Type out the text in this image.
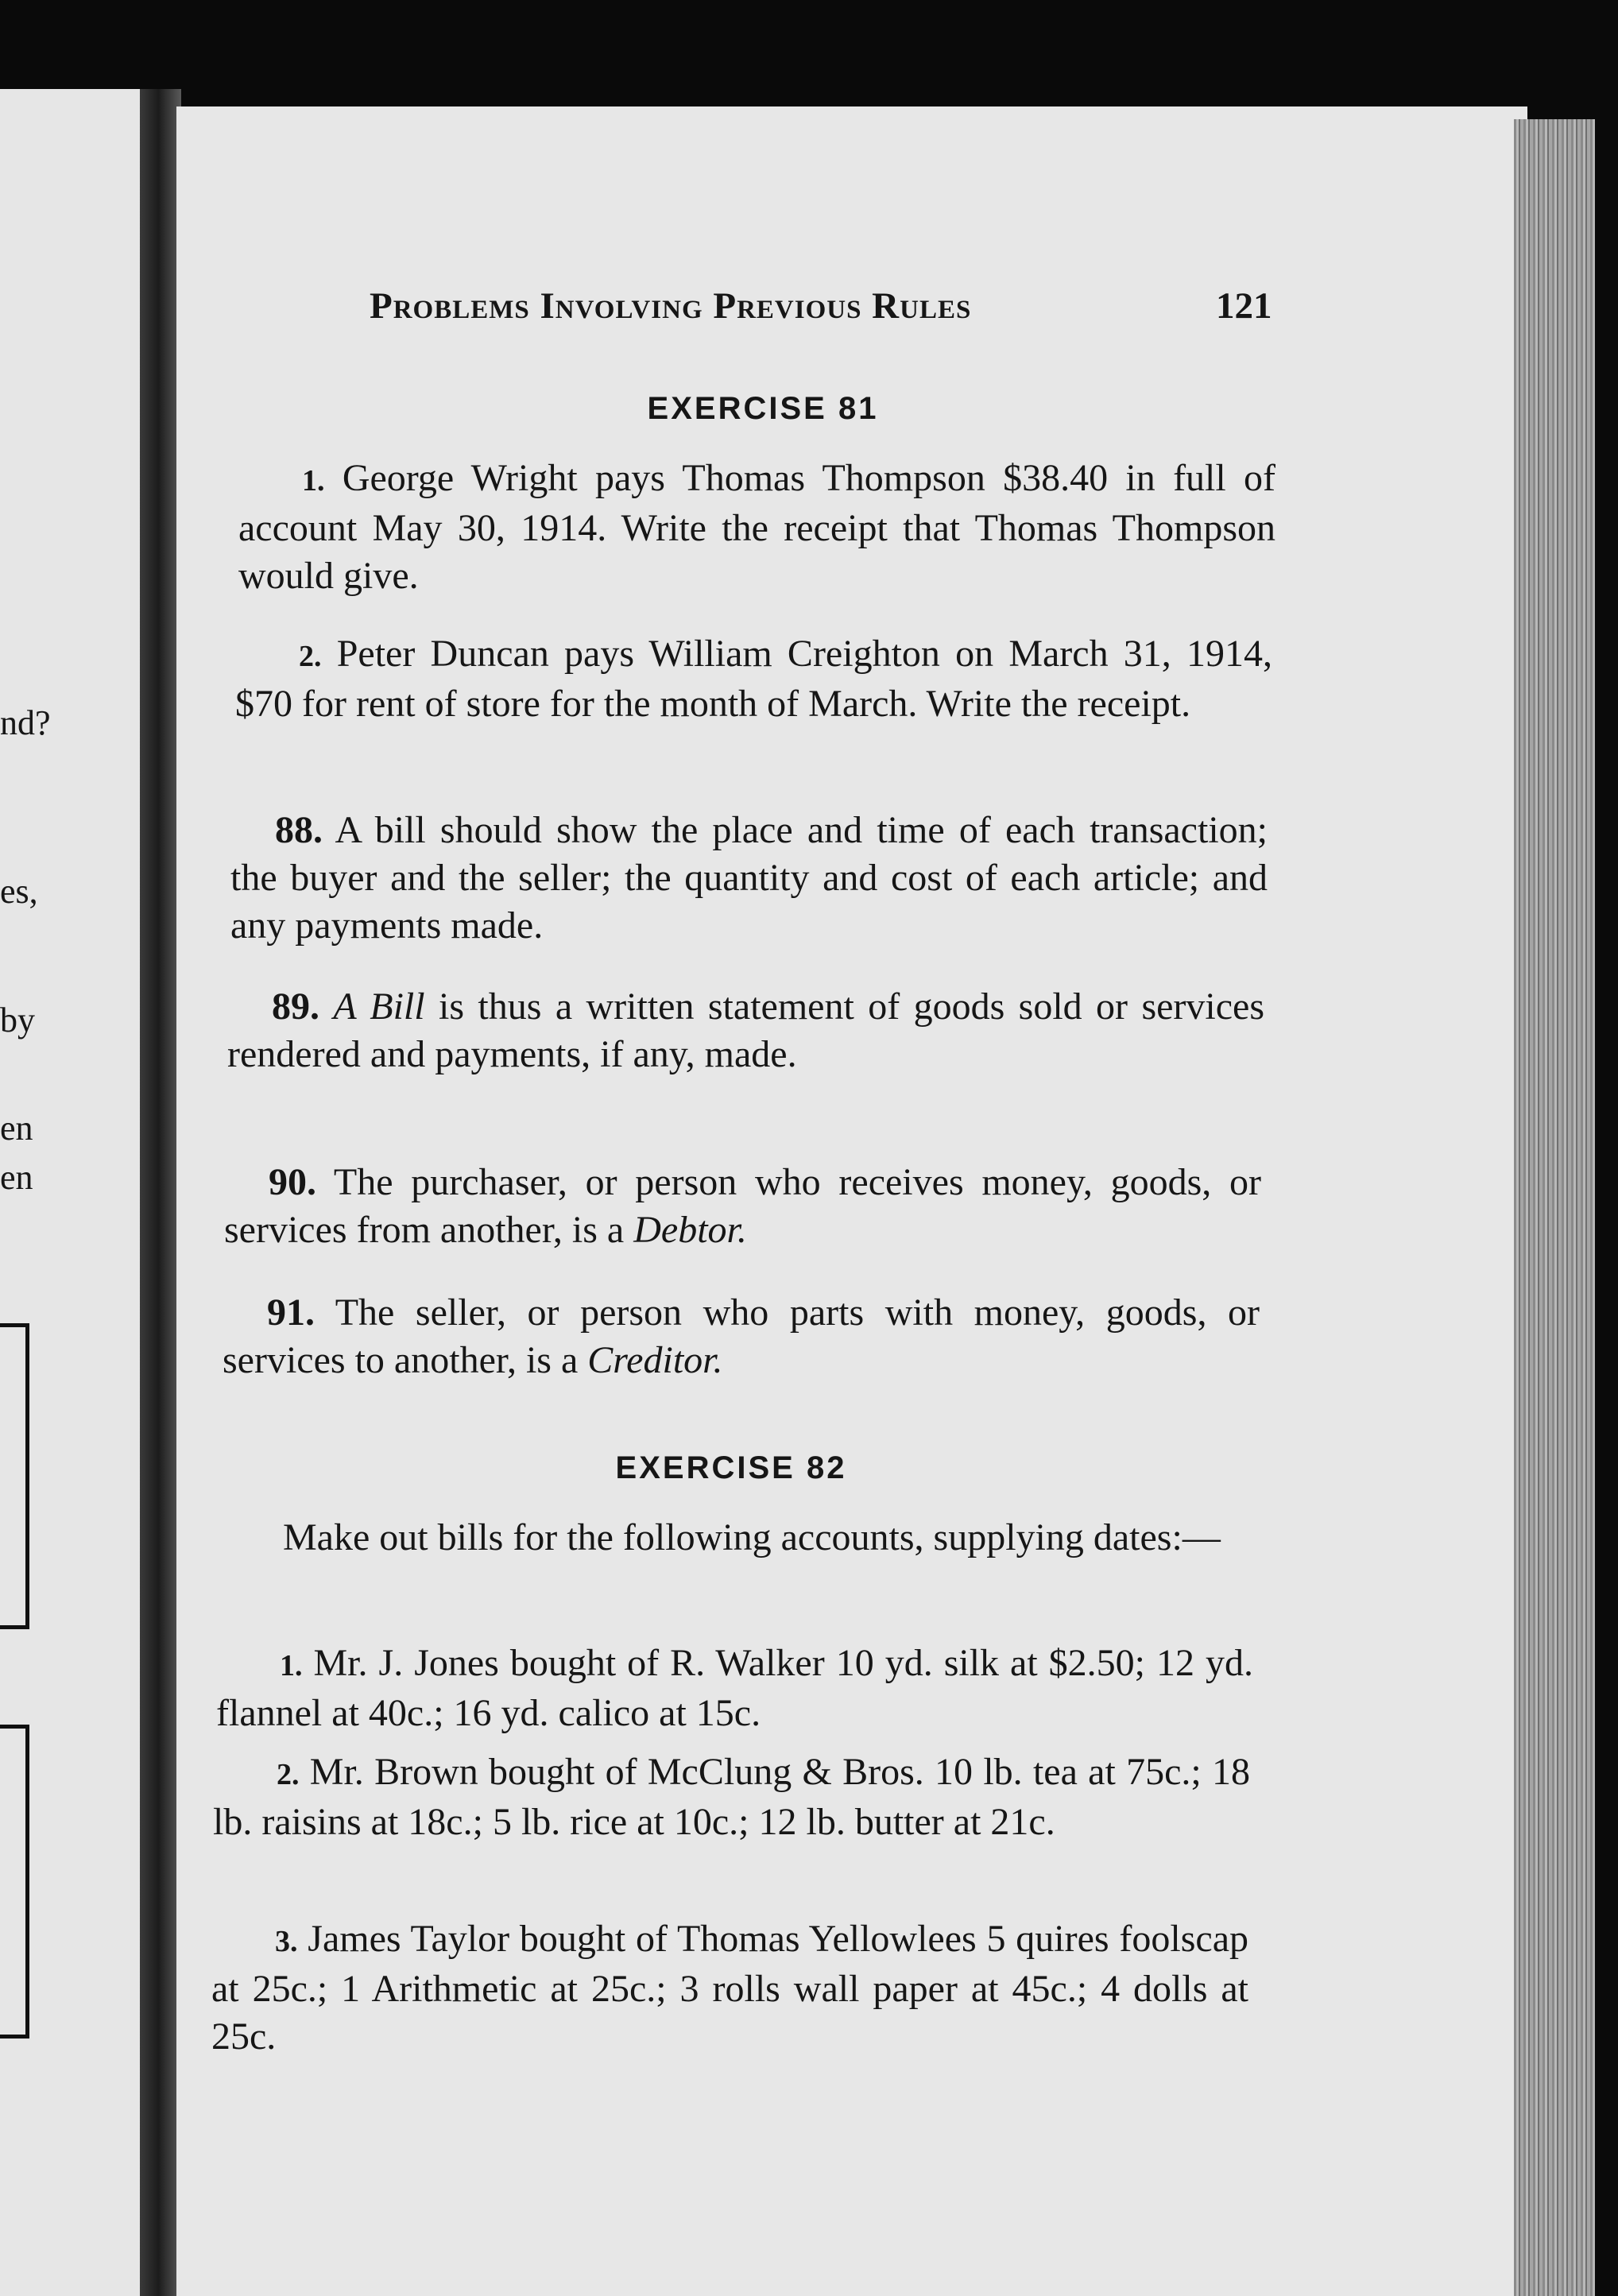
nd?
es,
by
en
en
Problems Involving Previous Rules	121
EXERCISE 81

1. George Wright pays Thomas Thompson $38.40 in full of account May 30, 1914. Write the receipt that Thomas Thompson would give.

2. Peter Duncan pays William Creighton on March 31, 1914, $70 for rent of store for the month of March. Write the receipt.

88. A bill should show the place and time of each transaction; the buyer and the seller; the quantity and cost of each article; and any payments made.

89. A Bill is thus a written statement of goods sold or services rendered and payments, if any, made.

90. The purchaser, or person who receives money, goods, or services from another, is a Debtor.

91. The seller, or person who parts with money, goods, or services to another, is a Creditor.

EXERCISE 82

Make out bills for the following accounts, supplying dates:—

1. Mr. J. Jones bought of R. Walker 10 yd. silk at $2.50; 12 yd. flannel at 40c.; 16 yd. calico at 15c.

2. Mr. Brown bought of McClung & Bros. 10 lb. tea at 75c.; 18 lb. raisins at 18c.; 5 lb. rice at 10c.; 12 lb. butter at 21c.

3. James Taylor bought of Thomas Yellowlees 5 quires foolscap at 25c.; 1 Arithmetic at 25c.; 3 rolls wall paper at 45c.; 4 dolls at 25c.
